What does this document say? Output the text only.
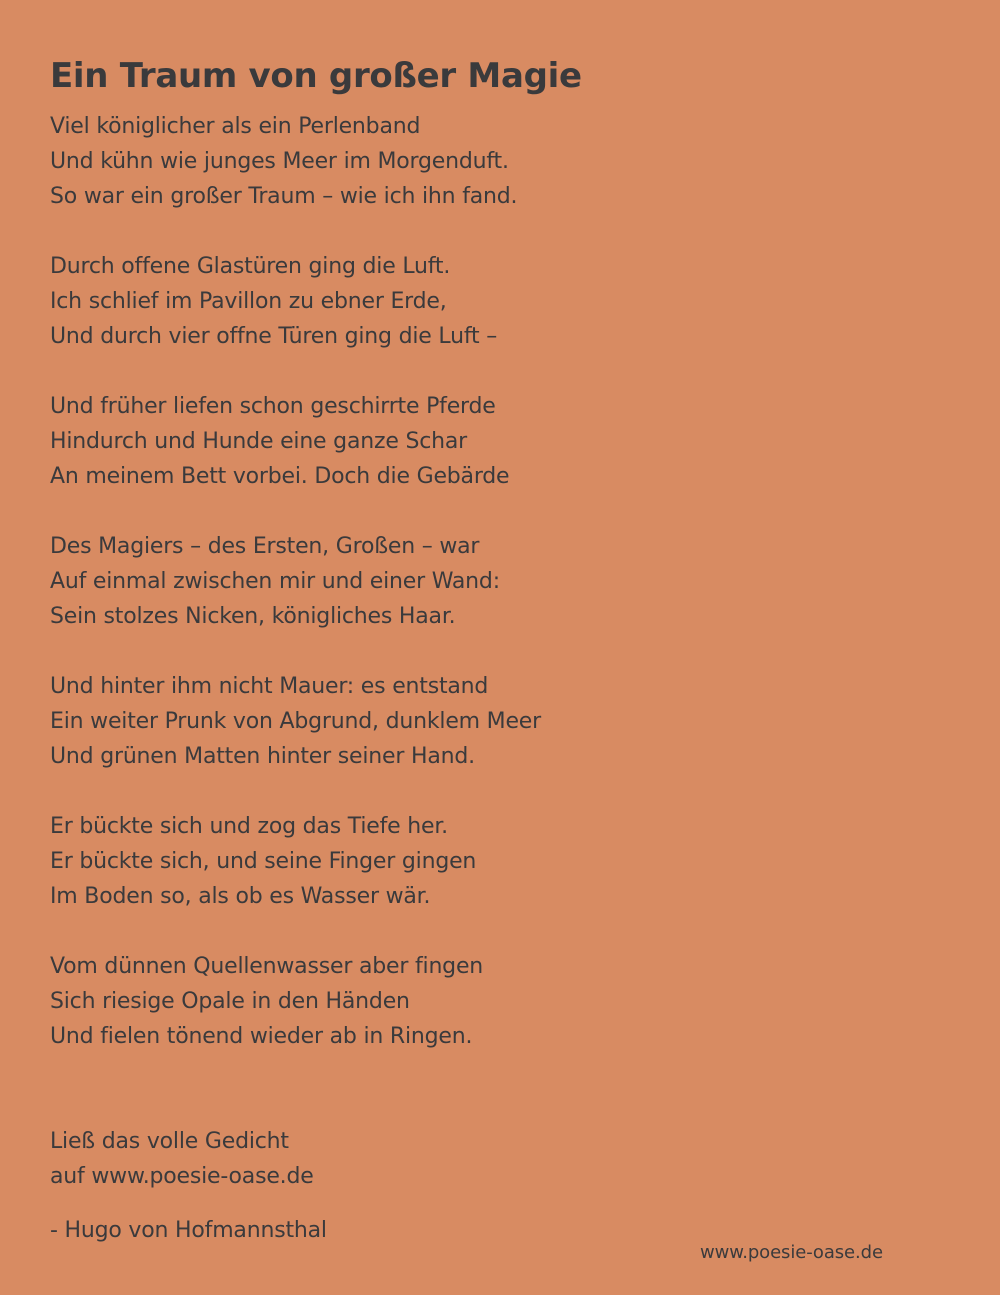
Ein Traum von großer Magie
Viel königlicher als ein Perlenband
Und kühn wie junges Meer im Morgenduft.
So war ein großer Traum – wie ich ihn fand.
Durch offene Glastüren ging die Luft.
Ich schlief im Pavillon zu ebner Erde,
Und durch vier offne Türen ging die Luft –
Und früher liefen schon geschirrte Pferde
Hindurch und Hunde eine ganze Schar
An meinem Bett vorbei. Doch die Gebärde
Des Magiers – des Ersten, Großen – war
Auf einmal zwischen mir und einer Wand:
Sein stolzes Nicken, königliches Haar.
Und hinter ihm nicht Mauer: es entstand
Ein weiter Prunk von Abgrund, dunklem Meer
Und grünen Matten hinter seiner Hand.
Er bückte sich und zog das Tiefe her.
Er bückte sich, und seine Finger gingen
Im Boden so, als ob es Wasser wär.
Vom dünnen Quellenwasser aber fingen
Sich riesige Opale in den Händen
Und fielen tönend wieder ab in Ringen.
Ließ das volle Gedicht
auf www.poesie-oase.de
- Hugo von Hofmannsthal
www.poesie-oase.de
